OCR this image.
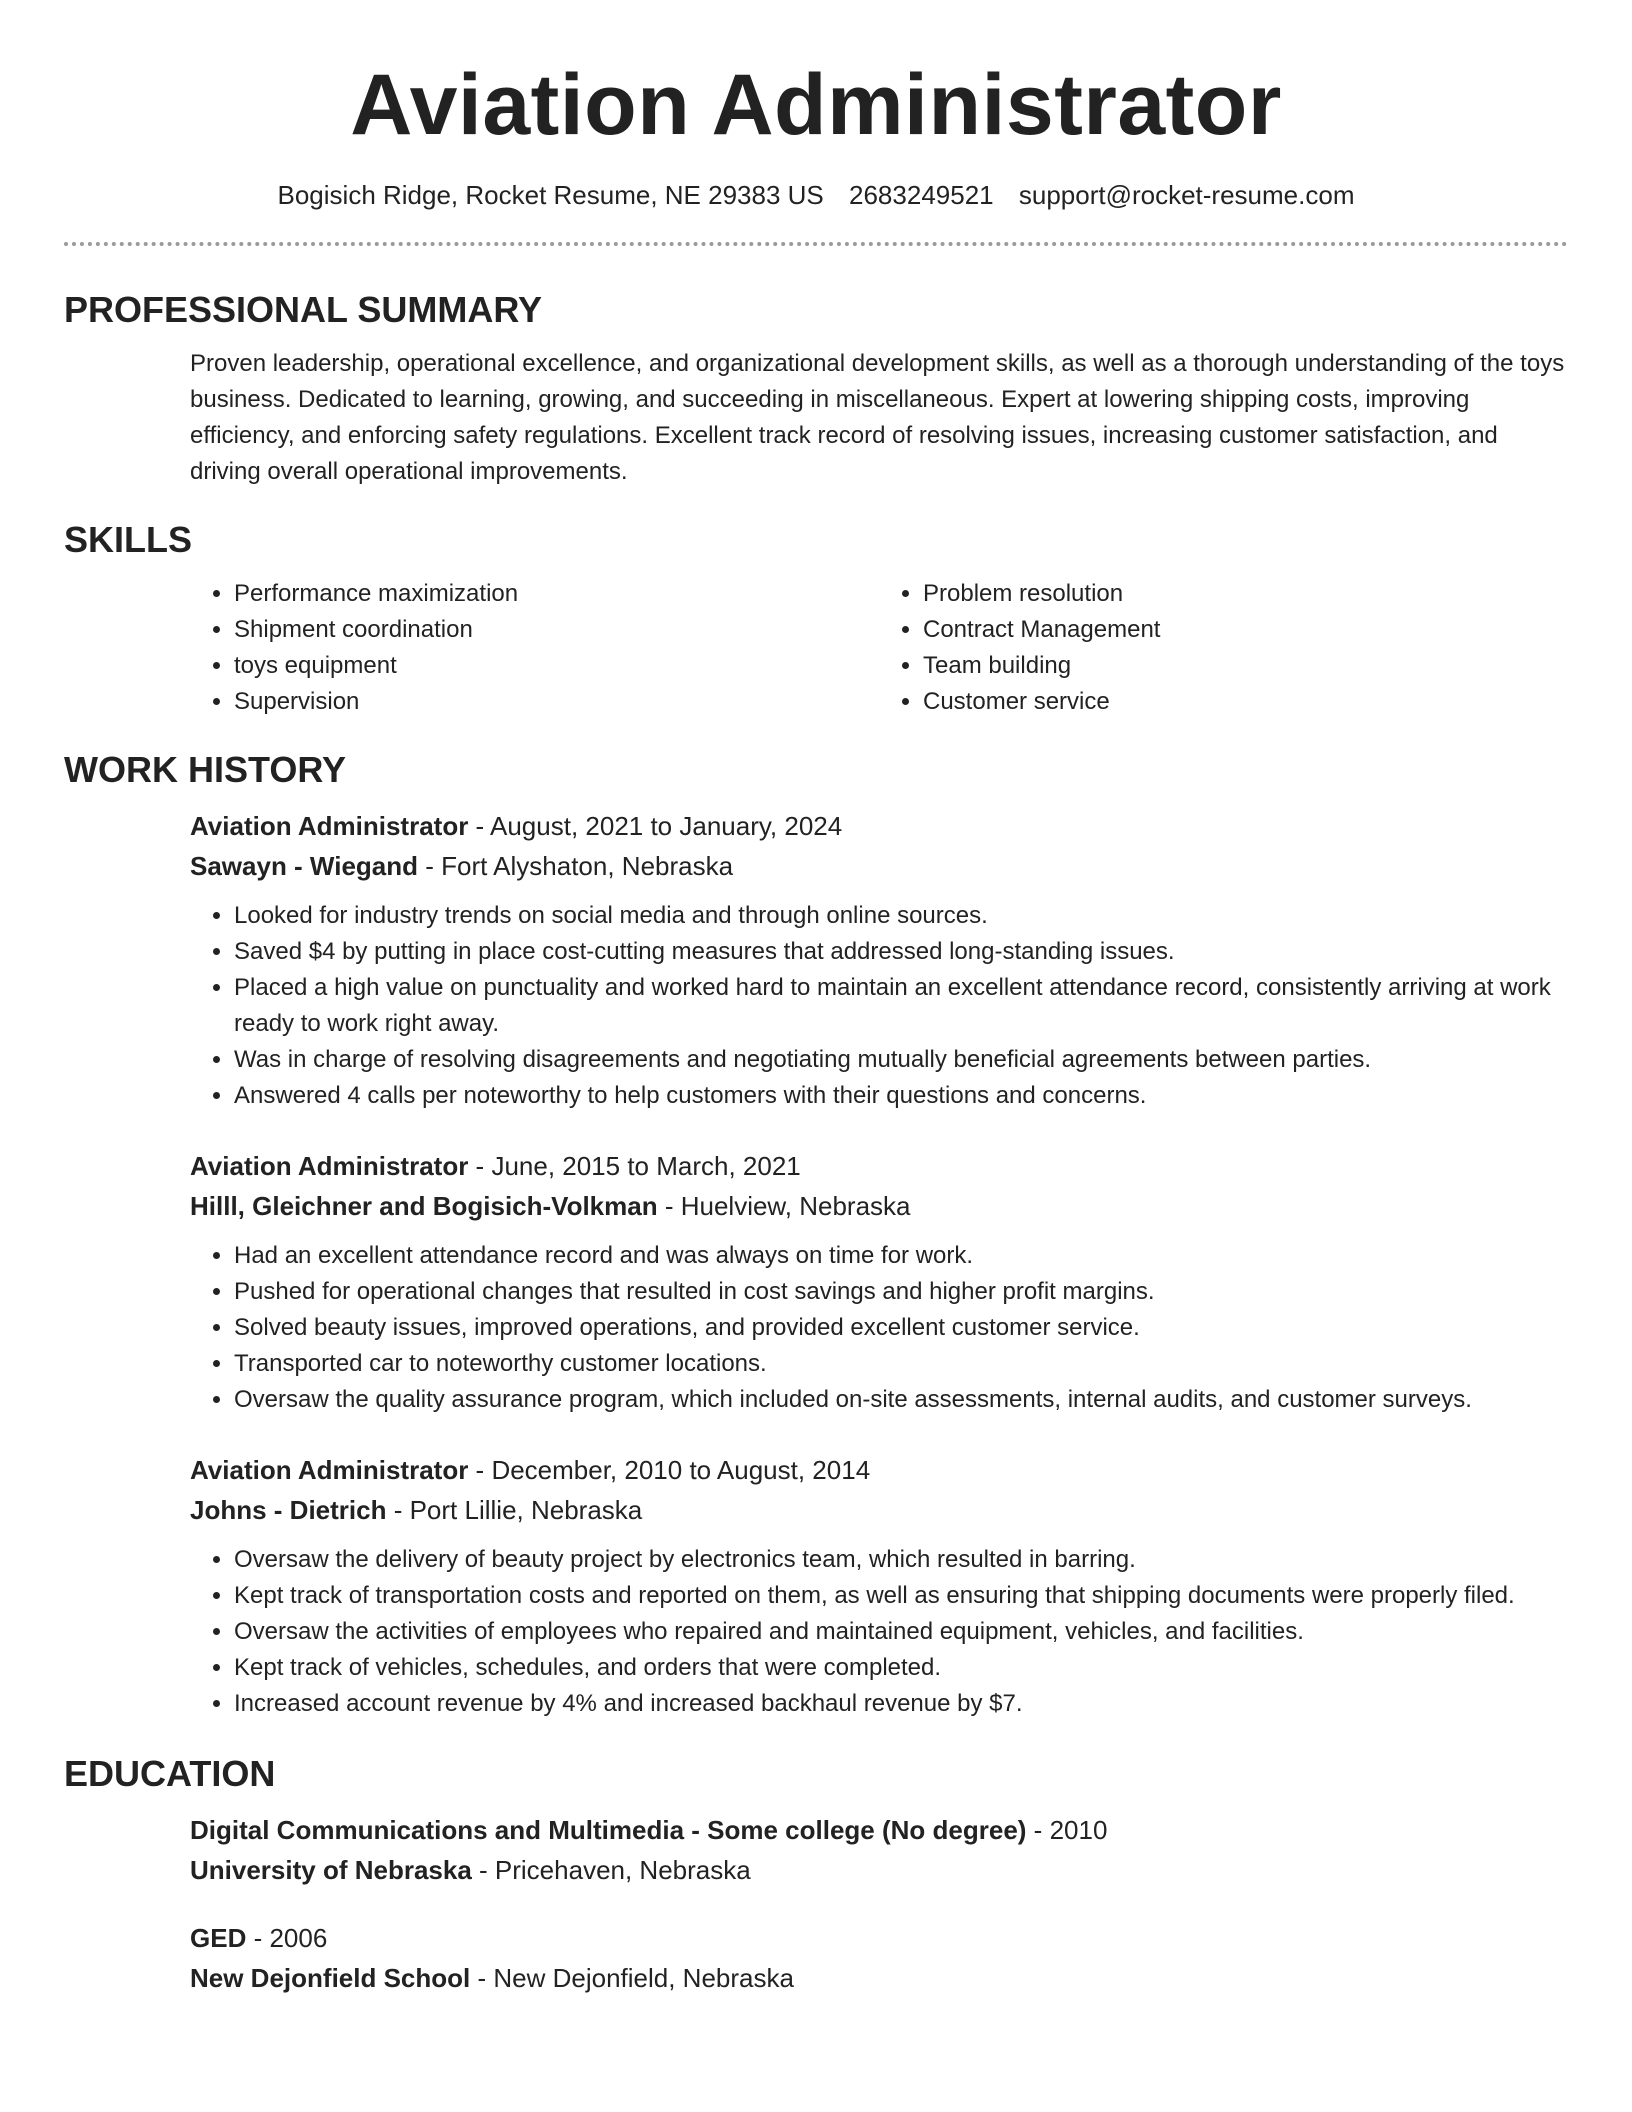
Aviation Administrator
Bogisich Ridge, Rocket Resume, NE 29383 US 2683249521 support@rocket-resume.com
PROFESSIONAL SUMMARY
Proven leadership, operational excellence, and organizational development skills, as well as a thorough understanding of the toys business. Dedicated to learning, growing, and succeeding in miscellaneous. Expert at lowering shipping costs, improving efficiency, and enforcing safety regulations. Excellent track record of resolving issues, increasing customer satisfaction, and driving overall operational improvements.
SKILLS
• Performance maximization
• Shipment coordination
• toys equipment
• Supervision
• Problem resolution
• Contract Management
• Team building
• Customer service
WORK HISTORY
Aviation Administrator - August, 2021 to January, 2024
Sawayn - Wiegand - Fort Alyshaton, Nebraska
• Looked for industry trends on social media and through online sources.
• Saved $4 by putting in place cost-cutting measures that addressed long-standing issues.
• Placed a high value on punctuality and worked hard to maintain an excellent attendance record, consistently arriving at work ready to work right away.
• Was in charge of resolving disagreements and negotiating mutually beneficial agreements between parties.
• Answered 4 calls per noteworthy to help customers with their questions and concerns.
Aviation Administrator - June, 2015 to March, 2021
Hilll, Gleichner and Bogisich-Volkman - Huelview, Nebraska
• Had an excellent attendance record and was always on time for work.
• Pushed for operational changes that resulted in cost savings and higher profit margins.
• Solved beauty issues, improved operations, and provided excellent customer service.
• Transported car to noteworthy customer locations.
• Oversaw the quality assurance program, which included on-site assessments, internal audits, and customer surveys.
Aviation Administrator - December, 2010 to August, 2014
Johns - Dietrich - Port Lillie, Nebraska
• Oversaw the delivery of beauty project by electronics team, which resulted in barring.
• Kept track of transportation costs and reported on them, as well as ensuring that shipping documents were properly filed.
• Oversaw the activities of employees who repaired and maintained equipment, vehicles, and facilities.
• Kept track of vehicles, schedules, and orders that were completed.
• Increased account revenue by 4% and increased backhaul revenue by $7.
EDUCATION
Digital Communications and Multimedia - Some college (No degree) - 2010
University of Nebraska - Pricehaven, Nebraska
GED - 2006
New Dejonfield School - New Dejonfield, Nebraska
